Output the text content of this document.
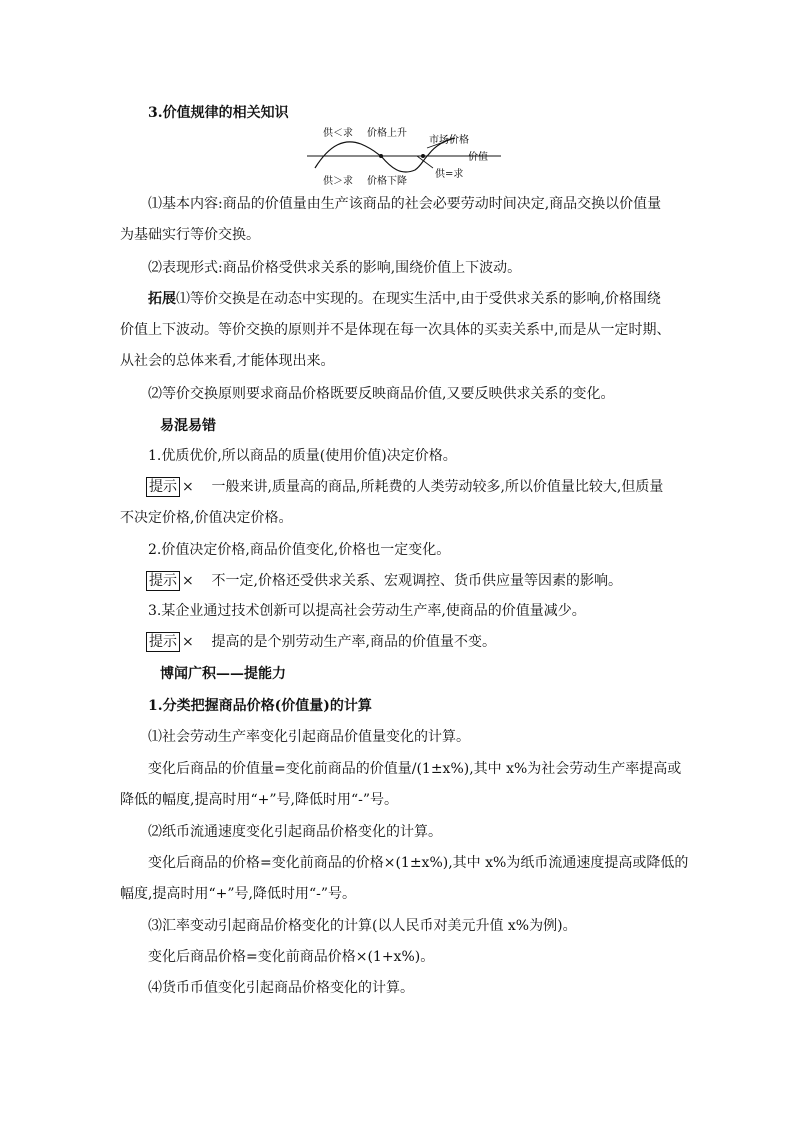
3.价值规律的相关知识
供＜求 价格上升
供＞求 价格下降
市场价格
价值
供=求
⑴基本内容:商品的价值量由生产该商品的社会必要劳动时间决定,商品交换以价值量
为基础实行等价交换。
⑵表现形式:商品价格受供求关系的影响,围绕价值上下波动。
拓展⑴等价交换是在动态中实现的。在现实生活中,由于受供求关系的影响,价格围绕
价值上下波动。等价交换的原则并不是体现在每一次具体的买卖关系中,而是从一定时期、
从社会的总体来看,才能体现出来。
⑵等价交换原则要求商品价格既要反映商品价值,又要反映供求关系的变化。
易混易错
1.优质优价,所以商品的质量(使用价值)决定价格。
提示 × 一般来讲,质量高的商品,所耗费的人类劳动较多,所以价值量比较大,但质量
不决定价格,价值决定价格。
2.价值决定价格,商品价值变化,价格也一定变化。
提示 × 不一定,价格还受供求关系、宏观调控、货币供应量等因素的影响。
3.某企业通过技术创新可以提高社会劳动生产率,使商品的价值量减少。
提示 × 提高的是个别劳动生产率,商品的价值量不变。
博闻广积——提能力
1.分类把握商品价格(价值量)的计算
⑴社会劳动生产率变化引起商品价值量变化的计算。
变化后商品的价值量=变化前商品的价值量/(1±x%),其中 x%为社会劳动生产率提高或
降低的幅度,提高时用“+”号,降低时用“-”号。
⑵纸币流通速度变化引起商品价格变化的计算。
变化后商品的价格=变化前商品的价格×(1±x%),其中 x%为纸币流通速度提高或降低的
幅度,提高时用“+”号,降低时用“-”号。
⑶汇率变动引起商品价格变化的计算(以人民币对美元升值 x%为例)。
变化后商品价格=变化前商品价格×(1+x%)。
⑷货币币值变化引起商品价格变化的计算。
